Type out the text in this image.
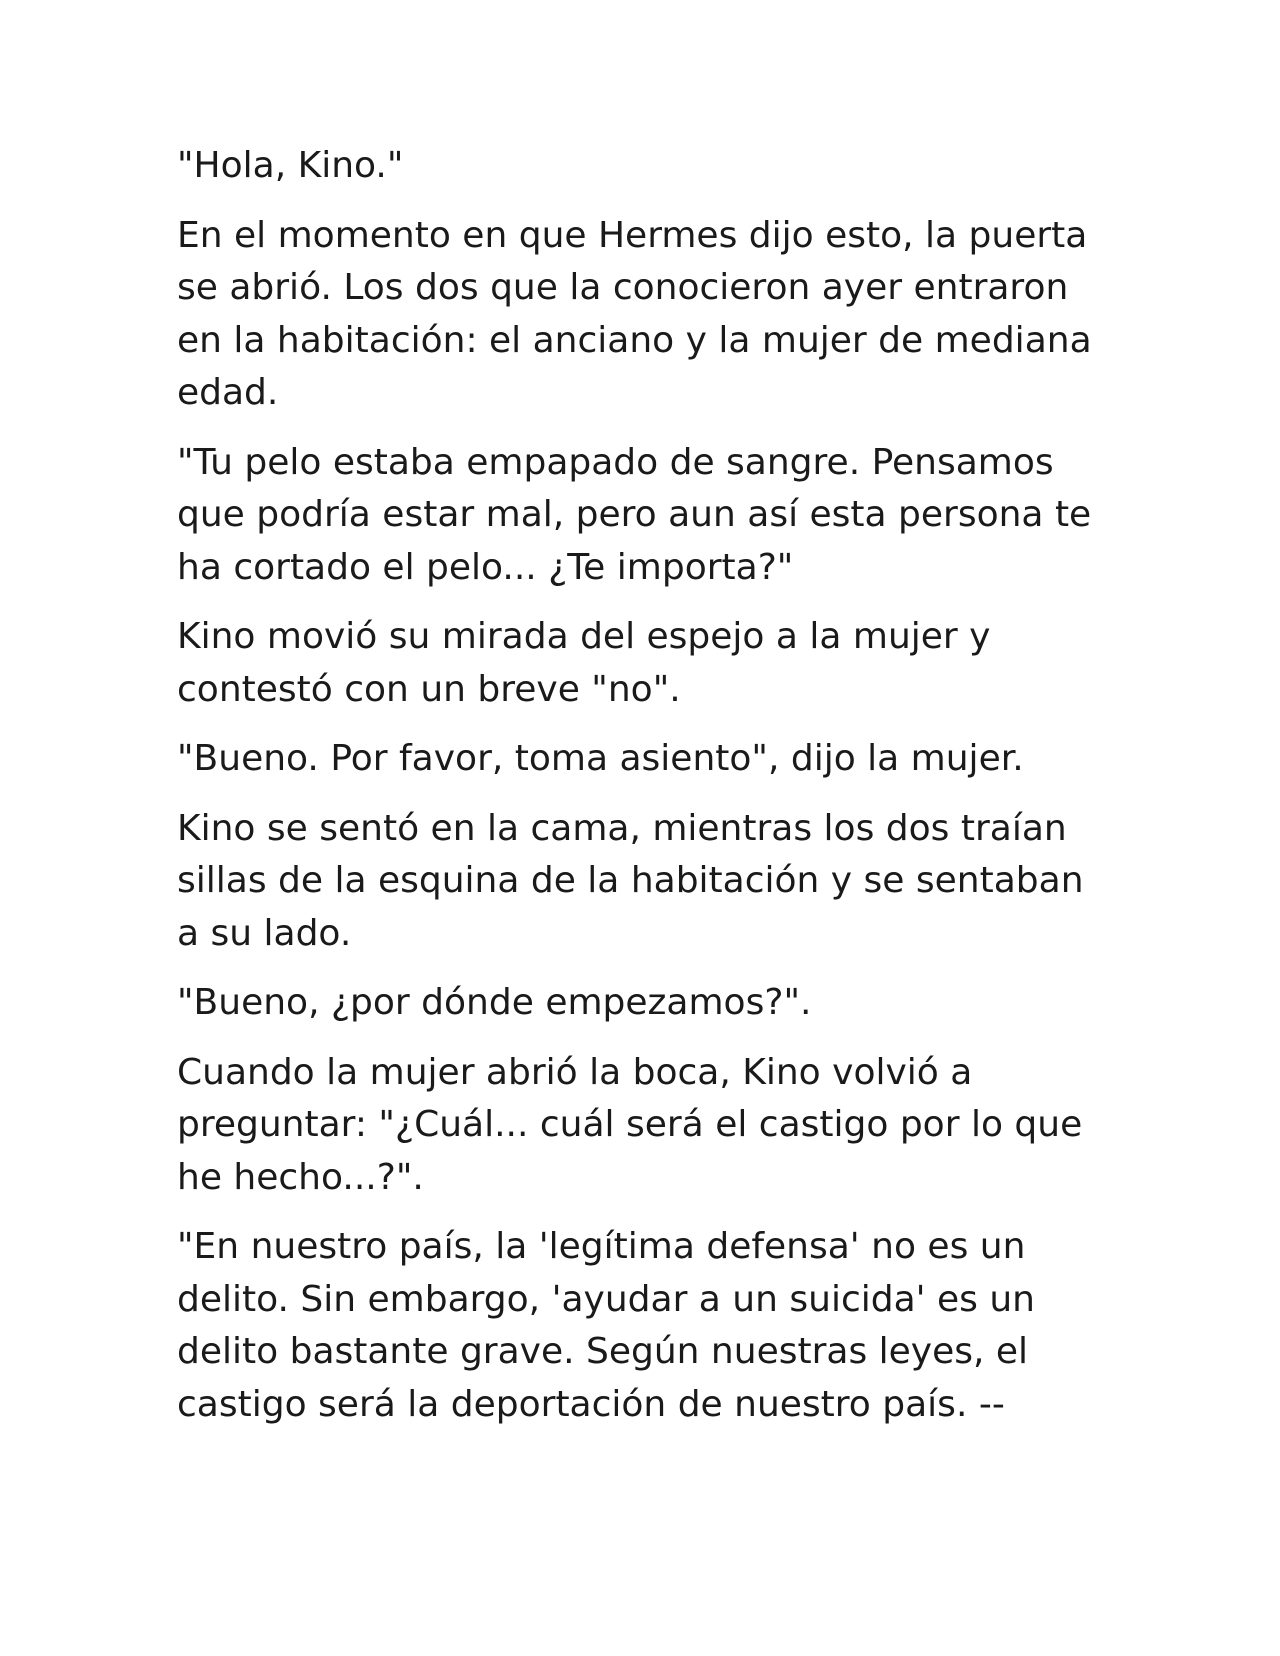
"Hola, Kino."

En el momento en que Hermes dijo esto, la puerta se abrió. Los dos que la conocieron ayer entraron en la habitación: el anciano y la mujer de mediana edad.

"Tu pelo estaba empapado de sangre. Pensamos que podría estar mal, pero aun así esta persona te ha cortado el pelo... ¿Te importa?"

Kino movió su mirada del espejo a la mujer y contestó con un breve "no".

"Bueno. Por favor, toma asiento", dijo la mujer.

Kino se sentó en la cama, mientras los dos traían sillas de la esquina de la habitación y se sentaban a su lado.

"Bueno, ¿por dónde empezamos?".

Cuando la mujer abrió la boca, Kino volvió a preguntar: "¿Cuál... cuál será el castigo por lo que he hecho...?".

"En nuestro país, la 'legítima defensa' no es un delito. Sin embargo, 'ayudar a un suicida' es un delito bastante grave. Según nuestras leyes, el castigo será la deportación de nuestro país. --
